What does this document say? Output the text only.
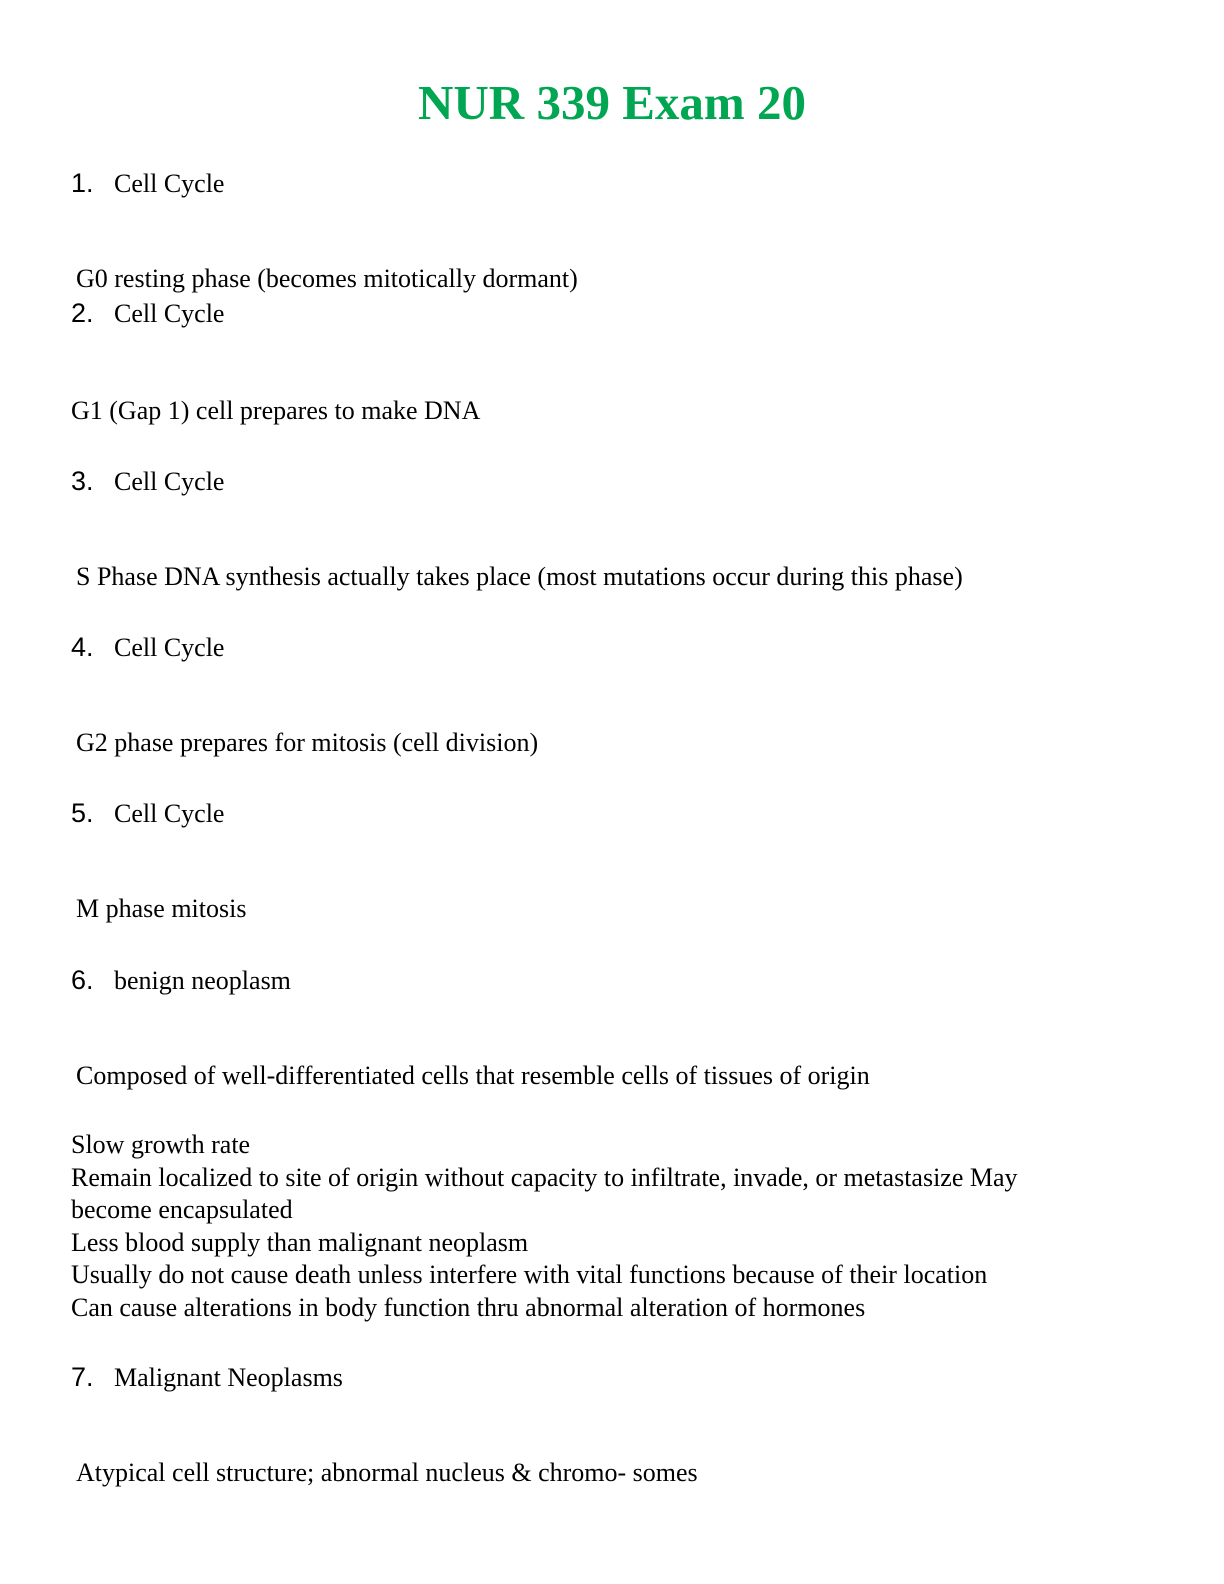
NUR 339 Exam 20
1. Cell Cycle
G0 resting phase (becomes mitotically dormant)
2. Cell Cycle
G1 (Gap 1) cell prepares to make DNA
3. Cell Cycle
S Phase DNA synthesis actually takes place (most mutations occur during this phase)
4. Cell Cycle
G2 phase prepares for mitosis (cell division)
5. Cell Cycle
M phase mitosis
6. benign neoplasm
Composed of well-differentiated cells that resemble cells of tissues of origin
Slow growth rate
Remain localized to site of origin without capacity to infiltrate, invade, or metastasize May become encapsulated
Less blood supply than malignant neoplasm
Usually do not cause death unless interfere with vital functions because of their location
Can cause alterations in body function thru abnormal alteration of hormones
7. Malignant Neoplasms
Atypical cell structure; abnormal nucleus & chromo- somes
